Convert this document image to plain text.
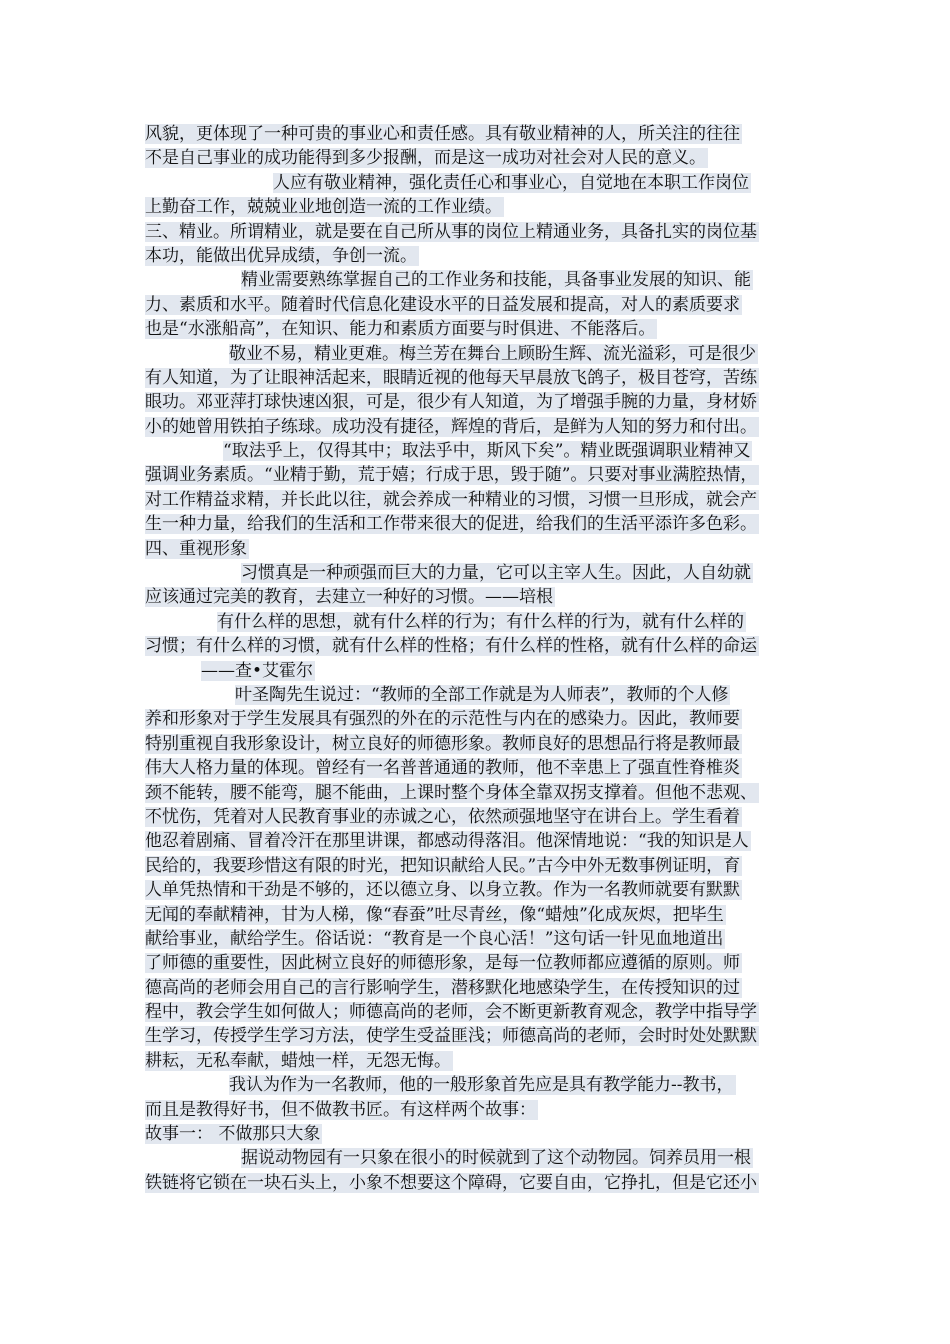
风貌，更体现了一种可贵的事业心和责任感。具有敬业精神的人，所关注的往往
不是自己事业的成功能得到多少报酬，而是这一成功对社会对人民的意义。
人应有敬业精神，强化责任心和事业心，自觉地在本职工作岗位
上勤奋工作，兢兢业业地创造一流的工作业绩。
三、精业。所谓精业，就是要在自己所从事的岗位上精通业务，具备扎实的岗位基
本功，能做出优异成绩，争创一流。
精业需要熟练掌握自己的工作业务和技能，具备事业发展的知识、能
力、素质和水平。随着时代信息化建设水平的日益发展和提高，对人的素质要求
也是“水涨船高”，在知识、能力和素质方面要与时俱进、不能落后。
敬业不易，精业更难。梅兰芳在舞台上顾盼生辉、流光溢彩，可是很少
有人知道，为了让眼神活起来，眼睛近视的他每天早晨放飞鸽子，极目苍穹，苦练
眼功。邓亚萍打球快速凶狠，可是，很少有人知道，为了增强手腕的力量，身材娇
小的她曾用铁拍子练球。成功没有捷径，辉煌的背后，是鲜为人知的努力和付出。
“取法乎上，仅得其中；取法乎中，斯风下矣”。精业既强调职业精神又
强调业务素质。“业精于勤，荒于嬉；行成于思，毁于随”。只要对事业满腔热情，
对工作精益求精，并长此以往，就会养成一种精业的习惯，习惯一旦形成，就会产
生一种力量，给我们的生活和工作带来很大的促进，给我们的生活平添许多色彩。
四、重视形象
习惯真是一种顽强而巨大的力量，它可以主宰人生。因此，人自幼就
应该通过完美的教育，去建立一种好的习惯。——培根
有什么样的思想，就有什么样的行为；有什么样的行为，就有什么样的
习惯；有什么样的习惯，就有什么样的性格；有什么样的性格，就有什么样的命运
——查•艾霍尔
叶圣陶先生说过：“教师的全部工作就是为人师表”，教师的个人修
养和形象对于学生发展具有强烈的外在的示范性与内在的感染力。因此，教师要
特别重视自我形象设计，树立良好的师德形象。教师良好的思想品行将是教师最
伟大人格力量的体现。曾经有一名普普通通的教师，他不幸患上了强直性脊椎炎
颈不能转，腰不能弯，腿不能曲，上课时整个身体全靠双拐支撑着。但他不悲观、
不忧伤，凭着对人民教育事业的赤诚之心，依然顽强地坚守在讲台上。学生看着
他忍着剧痛、冒着冷汗在那里讲课，都感动得落泪。他深情地说：“我的知识是人
民给的，我要珍惜这有限的时光，把知识献给人民。”古今中外无数事例证明，育
人单凭热情和干劲是不够的，还以德立身、以身立教。作为一名教师就要有默默
无闻的奉献精神，甘为人梯，像“春蚕”吐尽青丝，像“蜡烛”化成灰烬，把毕生
献给事业，献给学生。俗话说：“教育是一个良心活！”这句话一针见血地道出
了师德的重要性，因此树立良好的师德形象，是每一位教师都应遵循的原则。师
德高尚的老师会用自己的言行影响学生，潜移默化地感染学生，在传授知识的过
程中，教会学生如何做人；师德高尚的老师，会不断更新教育观念，教学中指导学
生学习，传授学生学习方法，使学生受益匪浅；师德高尚的老师，会时时处处默默
耕耘，无私奉献，蜡烛一样，无怨无悔。
我认为作为一名教师，他的一般形象首先应是具有教学能力--教书，
而且是教得好书，但不做教书匠。有这样两个故事：
故事一： 不做那只大象
据说动物园有一只象在很小的时候就到了这个动物园。饲养员用一根
铁链将它锁在一块石头上，小象不想要这个障碍，它要自由，它挣扎，但是它还小
